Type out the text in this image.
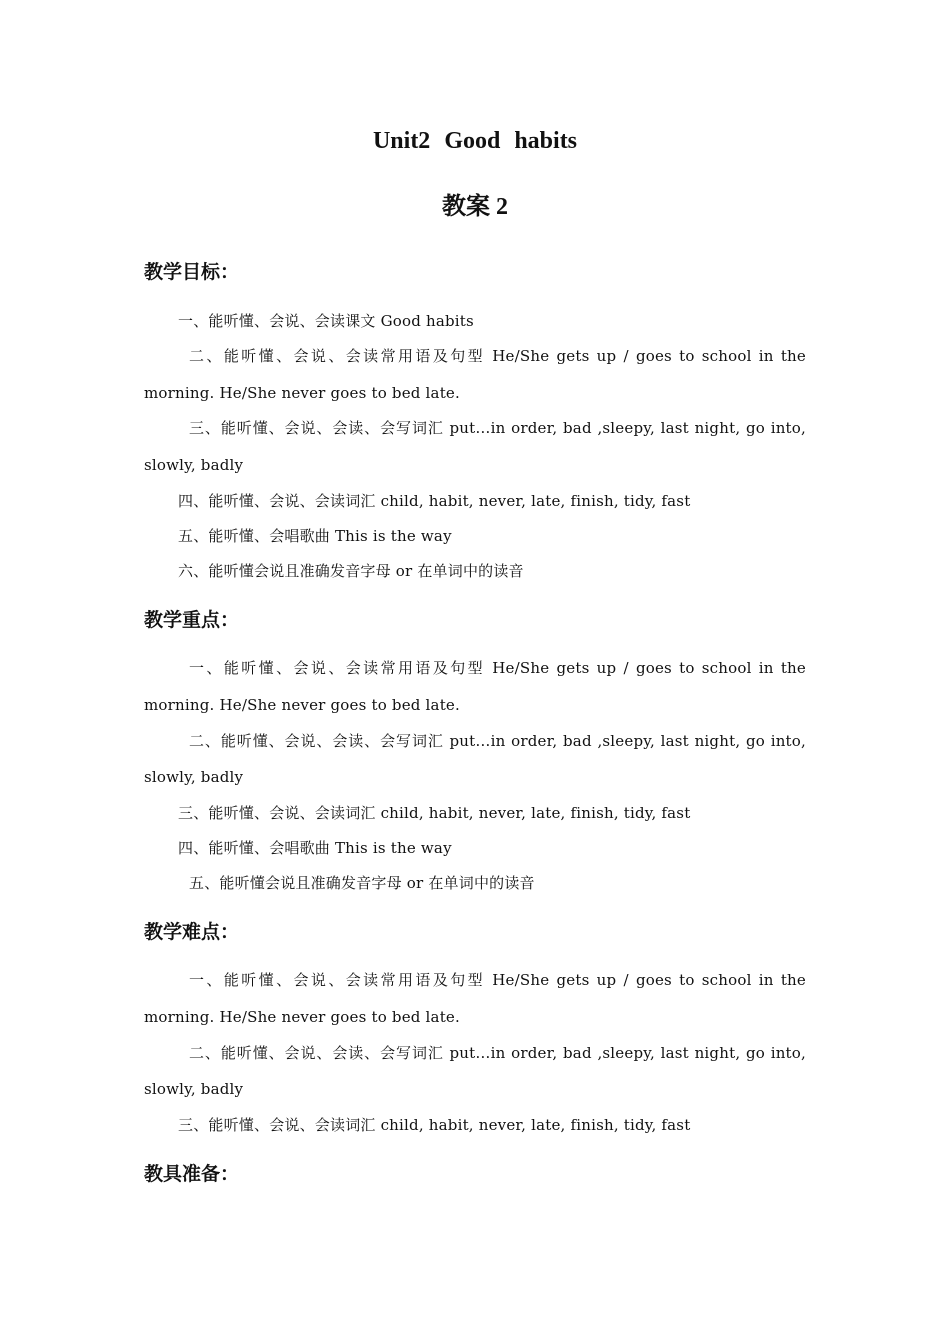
Unit2 Good habits
教案 2
教学目标：
一、能听懂、会说、会读课文 Good habits
二、能听懂、会说、会读常用语及句型 He/She gets up / goes to school in the
morning. He/She never goes to bed late.
三、能听懂、会说、会读、会写词汇 put…in order, bad ,sleepy, last night, go into,
slowly, badly
四、能听懂、会说、会读词汇 child, habit, never, late, finish, tidy, fast
五、能听懂、会唱歌曲 This is the way
六、能听懂会说且准确发音字母 or 在单词中的读音
教学重点：
一、能听懂、会说、会读常用语及句型 He/She gets up / goes to school in the
morning. He/She never goes to bed late.
二、能听懂、会说、会读、会写词汇 put…in order, bad ,sleepy, last night, go into,
slowly, badly
三、能听懂、会说、会读词汇 child, habit, never, late, finish, tidy, fast
四、能听懂、会唱歌曲 This is the way
五、能听懂会说且准确发音字母 or 在单词中的读音
教学难点：
一、能听懂、会说、会读常用语及句型 He/She gets up / goes to school in the
morning. He/She never goes to bed late.
二、能听懂、会说、会读、会写词汇 put…in order, bad ,sleepy, last night, go into,
slowly, badly
三、能听懂、会说、会读词汇 child, habit, never, late, finish, tidy, fast
教具准备：
